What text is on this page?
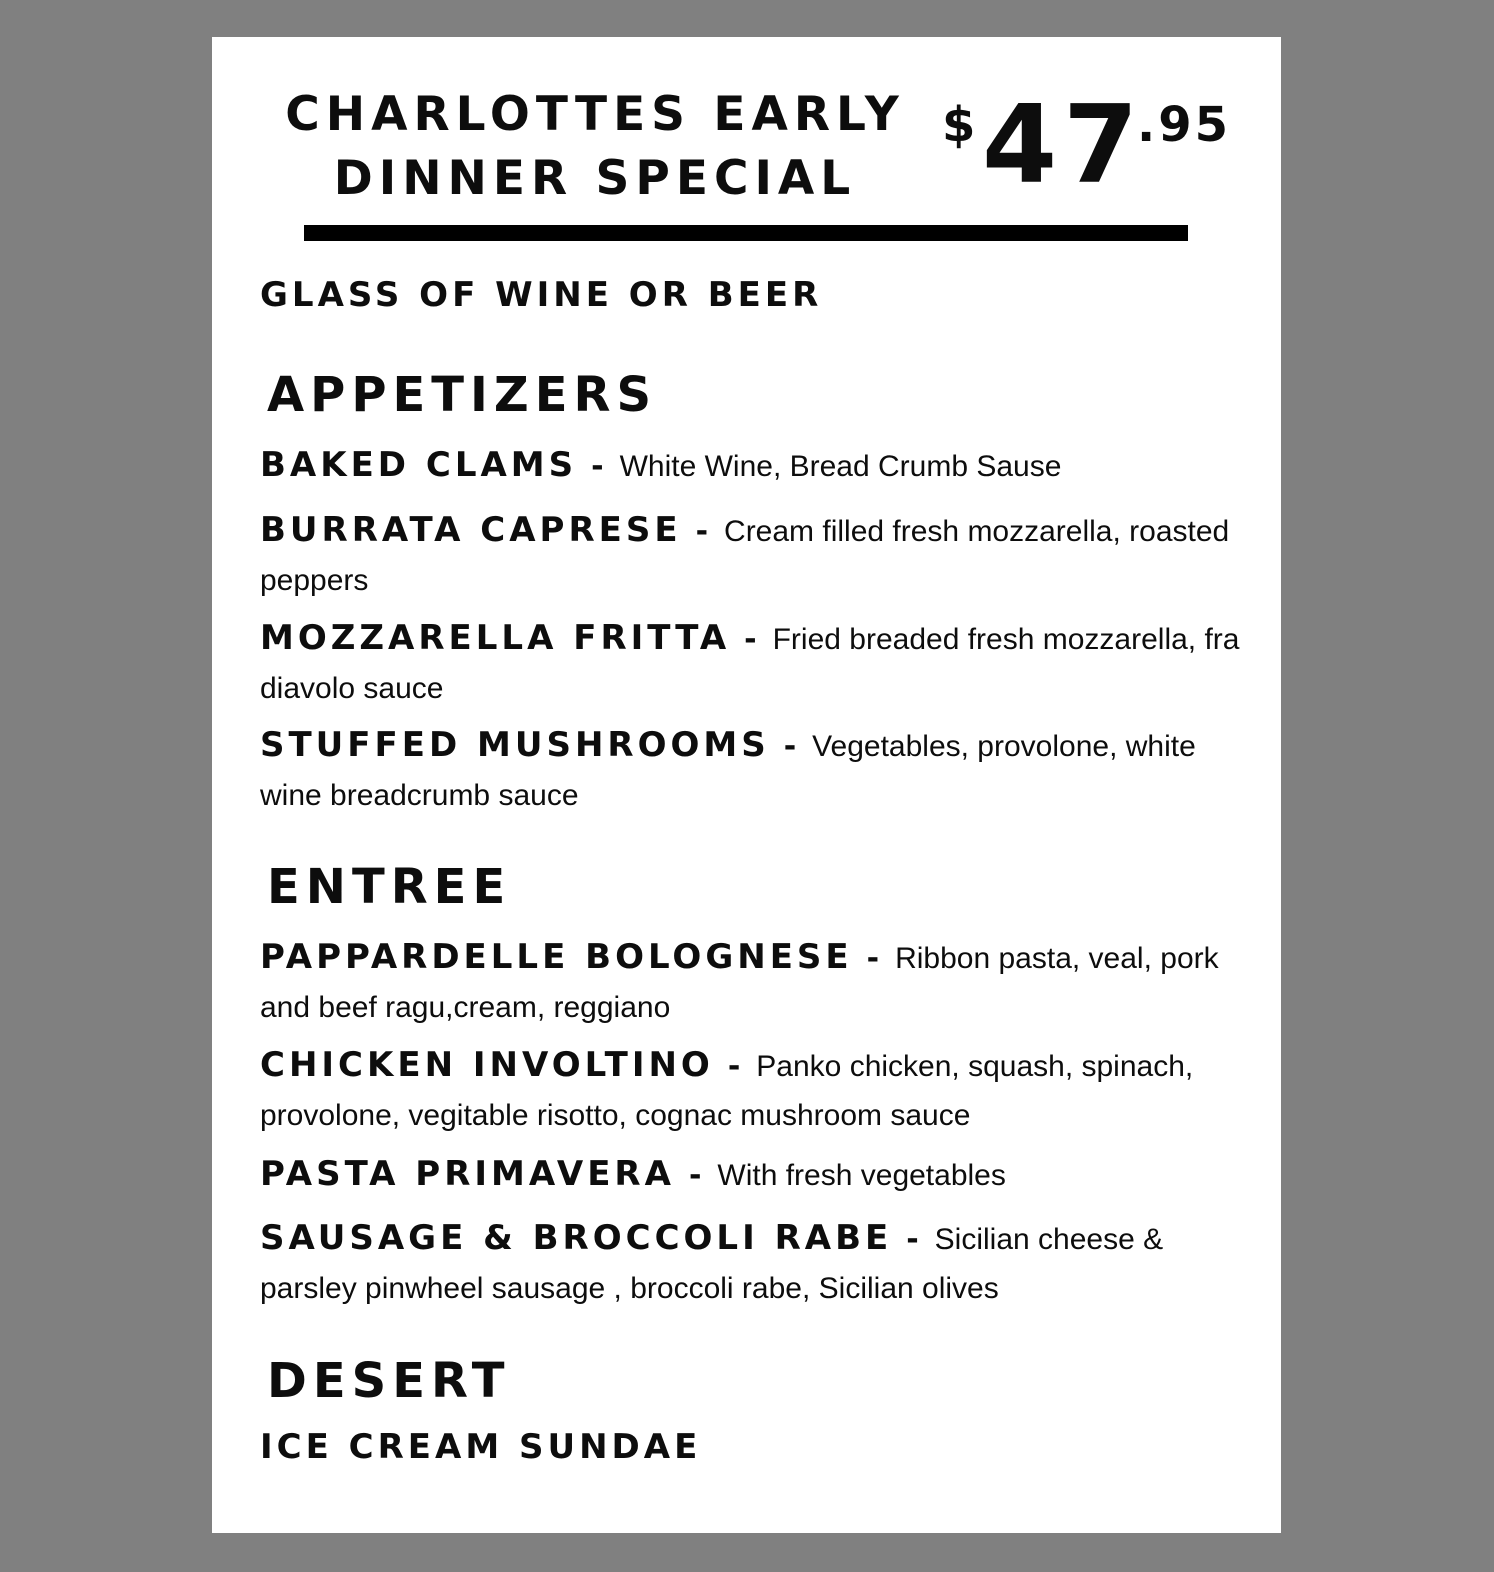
CHARLOTTES EARLY
DINNER SPECIAL
$ 47
.95
GLASS OF WINE OR BEER
APPETIZERS
BAKED CLAMS - White Wine, Bread Crumb Sause
BURRATA CAPRESE - Cream filled fresh mozzarella, roasted peppers
MOZZARELLA FRITTA - Fried breaded fresh mozzarella, fra diavolo sauce
STUFFED MUSHROOMS - Vegetables, provolone, white wine breadcrumb sauce
ENTREE
PAPPARDELLE BOLOGNESE - Ribbon pasta, veal, pork and beef ragu,cream, reggiano
CHICKEN INVOLTINO - Panko chicken, squash, spinach, provolone, vegitable risotto, cognac mushroom sauce
PASTA PRIMAVERA - With fresh vegetables
SAUSAGE & BROCCOLI RABE - Sicilian cheese & parsley pinwheel sausage , broccoli rabe, Sicilian olives
DESERT
ICE CREAM SUNDAE
